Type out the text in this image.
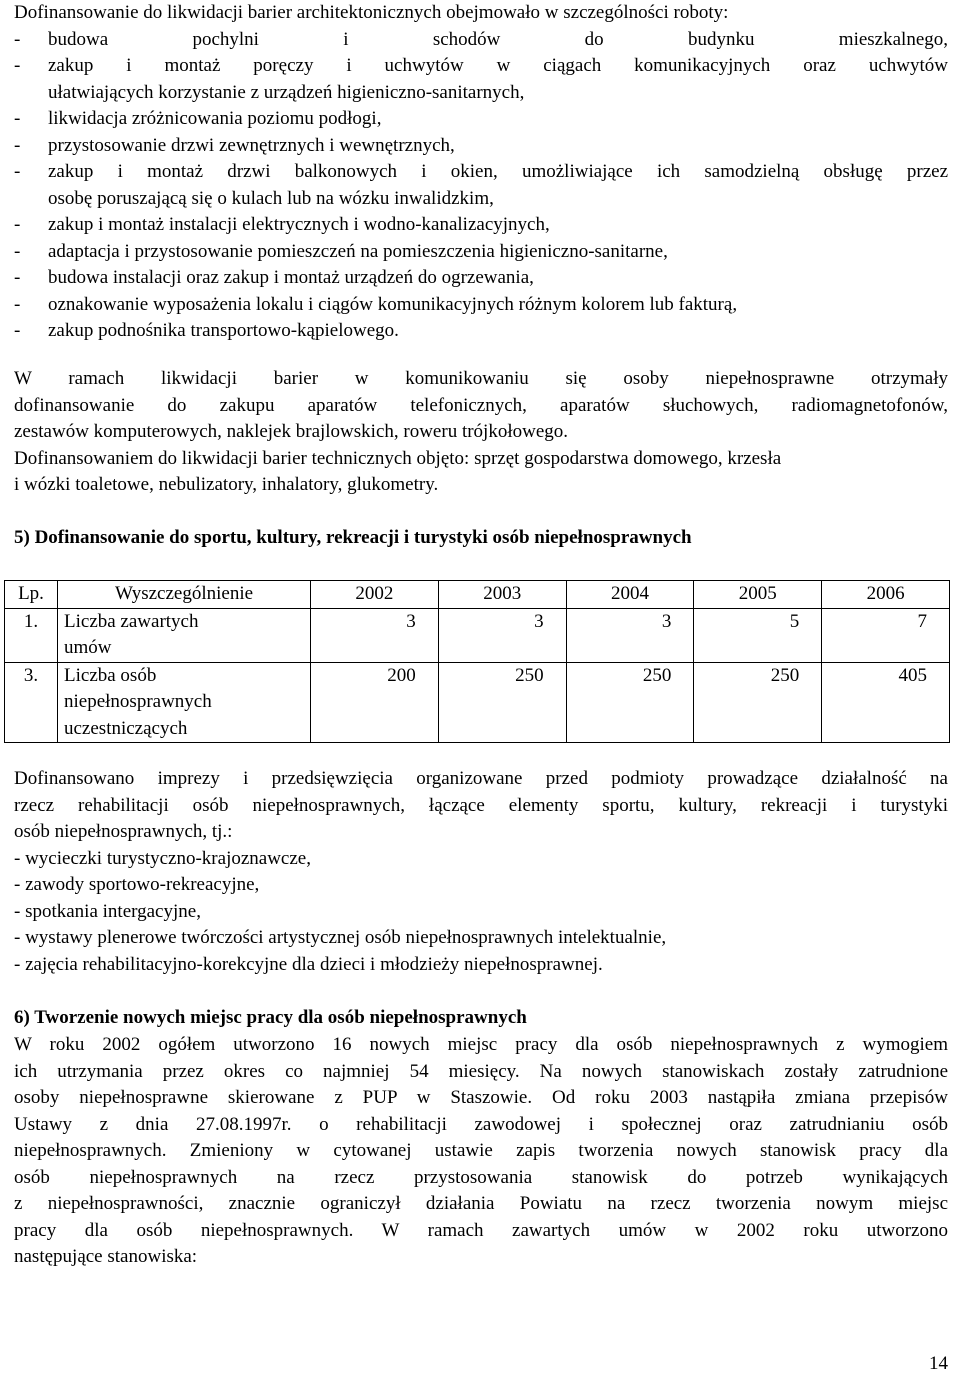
Dofinansowanie do likwidacji barier architektonicznych obejmowało w szczególności roboty:
- budowa pochylni i schodów do budynku mieszkalnego,
-	zakup i montaż poręczy i uchwytów w ciągach komunikacyjnych oraz uchwytów
ułatwiających korzystanie z urządzeń higieniczno-sanitarnych,
- likwidacja zróżnicowania poziomu podłogi,
- przystosowanie drzwi zewnętrznych i wewnętrznych,
-	zakup i montaż drzwi balkonowych i okien, umożliwiające ich samodzielną obsługę przez
osobę poruszającą się o kulach lub na wózku inwalidzkim,
- zakup i montaż instalacji elektrycznych i wodno-kanalizacyjnych,
- adaptacja i przystosowanie pomieszczeń na pomieszczenia higieniczno-sanitarne,
- budowa instalacji oraz zakup i montaż urządzeń do ogrzewania,
- oznakowanie wyposażenia lokalu i ciągów komunikacyjnych różnym kolorem lub fakturą,
- zakup podnośnika transportowo-kąpielowego.
W ramach likwidacji barier w komunikowaniu się osoby niepełnosprawne otrzymały
dofinansowanie do zakupu aparatów telefonicznych, aparatów słuchowych, radiomagnetofonów,
zestawów komputerowych, naklejek brajlowskich, roweru trójkołowego.
Dofinansowaniem do likwidacji barier technicznych objęto: sprzęt gospodarstwa domowego, krzesła
i wózki toaletowe, nebulizatory, inhalatory, glukometry.
5) Dofinansowanie do sportu, kultury, rekreacji i turystyki osób niepełnosprawnych
Lp.	Wyszczególnienie	2002	2003	2004	2005	2006
1.	Liczba zawartych
umów	3	3	3	5	7
3.	Liczba osób
niepełnosprawnych
uczestniczących	200	250	250	250	405
Dofinansowano imprezy i przedsięwzięcia organizowane przed podmioty prowadzące działalność na
rzecz rehabilitacji osób niepełnosprawnych, łączące elementy sportu, kultury, rekreacji i turystyki
osób niepełnosprawnych, tj.:
- wycieczki turystyczno-krajoznawcze,
- zawody sportowo-rekreacyjne,
- spotkania intergacyjne,
- wystawy plenerowe twórczości artystycznej osób niepełnosprawnych intelektualnie,
- zajęcia rehabilitacyjno-korekcyjne dla dzieci i młodzieży niepełnosprawnej.
6) Tworzenie nowych miejsc pracy dla osób niepełnosprawnych
W roku 2002 ogółem utworzono 16 nowych miejsc pracy dla osób niepełnosprawnych z wymogiem
ich utrzymania przez okres co najmniej 54 miesięcy. Na nowych stanowiskach zostały zatrudnione
osoby niepełnosprawne skierowane z PUP w Staszowie. Od roku 2003 nastąpiła zmiana przepisów
Ustawy z dnia 27.08.1997r. o rehabilitacji zawodowej i społecznej oraz zatrudnianiu osób
niepełnosprawnych. Zmieniony w cytowanej ustawie zapis tworzenia nowych stanowisk pracy dla
osób niepełnosprawnych na rzecz przystosowania stanowisk do potrzeb wynikających
z niepełnosprawności, znacznie ograniczył działania Powiatu na rzecz tworzenia nowym miejsc
pracy dla osób niepełnosprawnych. W ramach zawartych umów w 2002 roku utworzono
następujące stanowiska:
14
